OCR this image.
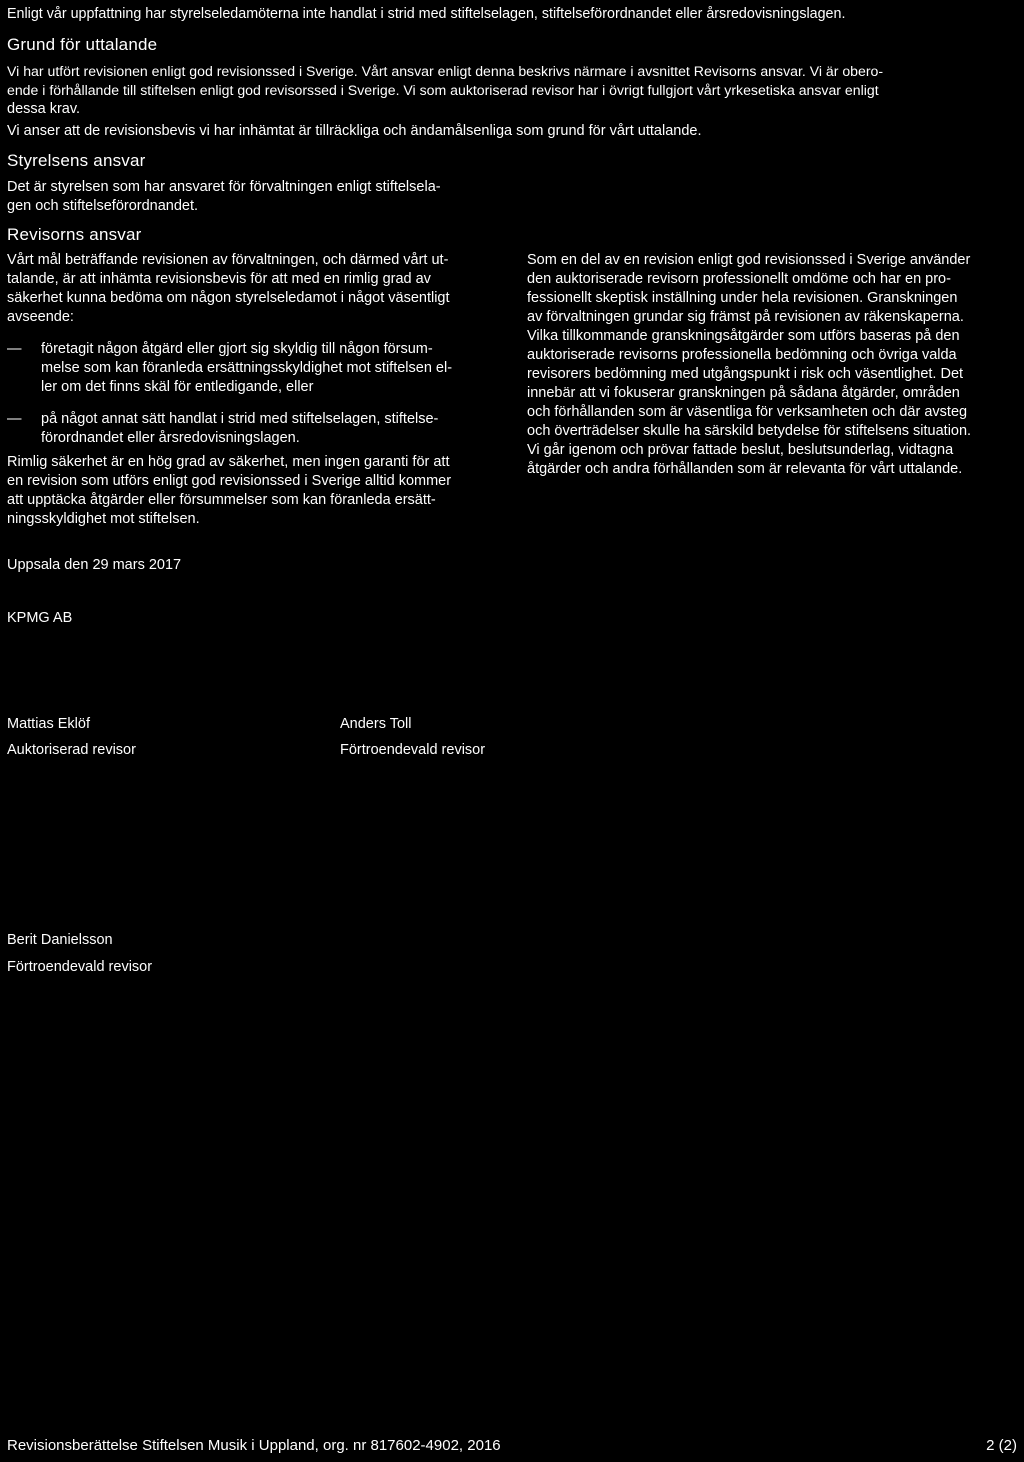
Enligt vår uppfattning har styrelseledamöterna inte handlat i strid med stiftelselagen, stiftelseförordnandet eller årsredovisningslagen.

Grund för uttalande

Vi har utfört revisionen enligt god revisionssed i Sverige. Vårt ansvar enligt denna beskrivs närmare i avsnittet Revisorns ansvar. Vi är obero-

ende i förhållande till stiftelsen enligt god revisorssed i Sverige. Vi som auktoriserad revisor har i övrigt fullgjort vårt yrkesetiska ansvar enligt

dessa krav.

Vi anser att de revisionsbevis vi har inhämtat är tillräckliga och ändamålsenliga som grund för vårt uttalande.

Styrelsens ansvar

Det är styrelsen som har ansvaret för förvaltningen enligt stiftelsela-

gen och stiftelseförordnandet.

Revisorns ansvar

Vårt mål beträffande revisionen av förvaltningen, och därmed vårt ut-

talande, är att inhämta revisionsbevis för att med en rimlig grad av

säkerhet kunna bedöma om någon styrelseledamot i något väsentligt

avseende:

— företagit någon åtgärd eller gjort sig skyldig till någon försum-

melse som kan föranleda ersättningsskyldighet mot stiftelsen el-

ler om det finns skäl för entledigande, eller

— på något annat sätt handlat i strid med stiftelselagen, stiftelse-

förordnandet eller årsredovisningslagen.

Rimlig säkerhet är en hög grad av säkerhet, men ingen garanti för att

en revision som utförs enligt god revisionssed i Sverige alltid kommer

att upptäcka åtgärder eller försummelser som kan föranleda ersätt-

ningsskyldighet mot stiftelsen.

Som en del av en revision enligt god revisionssed i Sverige använder

den auktoriserade revisorn professionellt omdöme och har en pro-

fessionellt skeptisk inställning under hela revisionen. Granskningen

av förvaltningen grundar sig främst på revisionen av räkenskaperna.

Vilka tillkommande granskningsåtgärder som utförs baseras på den

auktoriserade revisorns professionella bedömning och övriga valda

revisorers bedömning med utgångspunkt i risk och väsentlighet. Det

innebär att vi fokuserar granskningen på sådana åtgärder, områden

och förhållanden som är väsentliga för verksamheten och där avsteg

och överträdelser skulle ha särskild betydelse för stiftelsens situation.

Vi går igenom och prövar fattade beslut, beslutsunderlag, vidtagna

åtgärder och andra förhållanden som är relevanta för vårt uttalande.

Uppsala den 29 mars 2017

KPMG AB

Mattias Eklöf

Auktoriserad revisor

Anders Toll

Förtroendevald revisor

Berit Danielsson

Förtroendevald revisor

Revisionsberättelse Stiftelsen Musik i Uppland, org. nr 817602-4902, 2016	2 (2)
